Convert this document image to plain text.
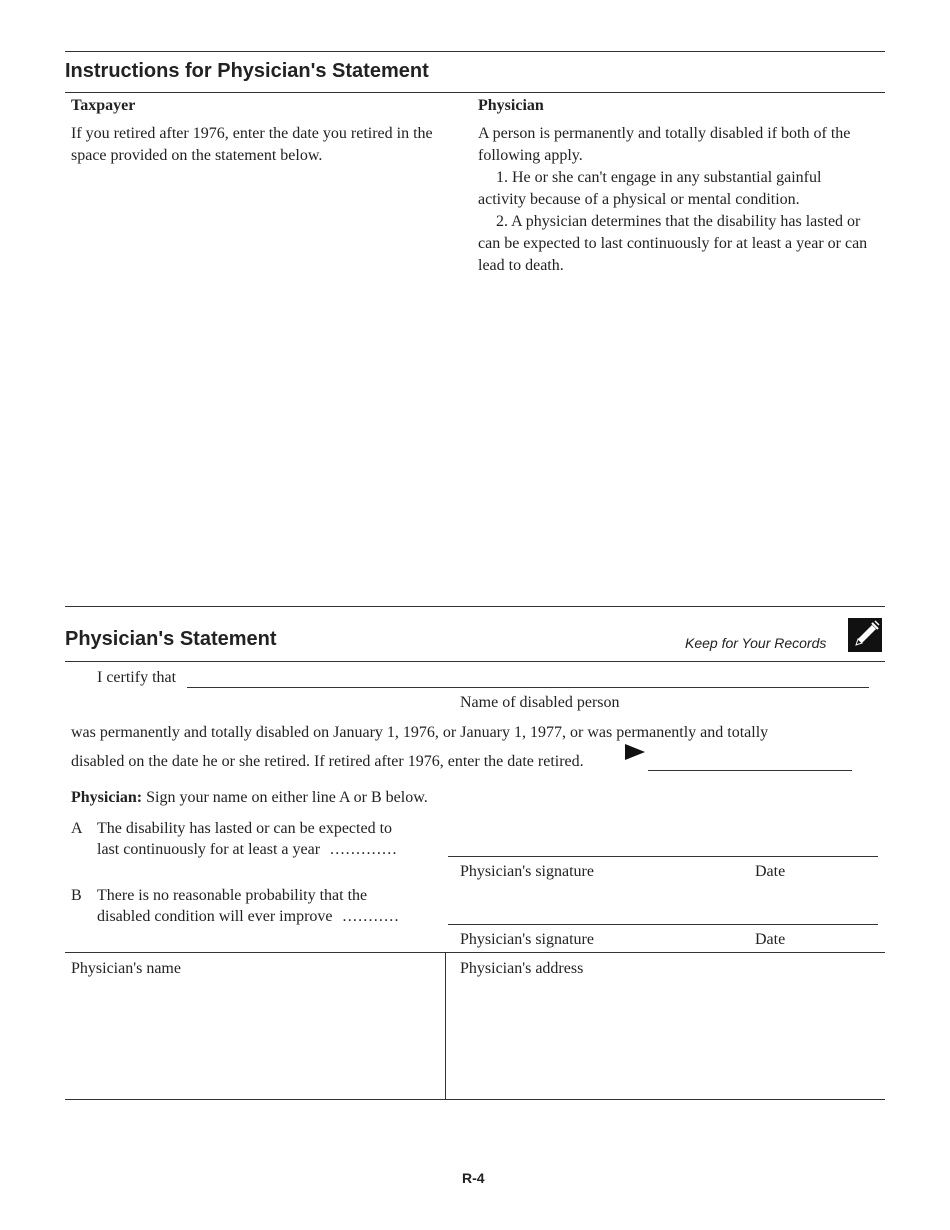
Instructions for Physician's Statement
Taxpayer

If you retired after 1976, enter the date you retired in the space provided on the statement below.

Physician

A person is permanently and totally disabled if both of the following apply.

1. He or she can't engage in any substantial gainful activity because of a physical or mental condition.

2. A physician determines that the disability has lasted or can be expected to last continuously for at least a year or can lead to death.

Physician's Statement	Keep for Your Records
I certify that
Name of disabled person
was permanently and totally disabled on January 1, 1976, or January 1, 1977, or was permanently and totally
disabled on the date he or she retired. If retired after 1976, enter the date retired.
Physician: Sign your name on either line A or B below.
A The disability has lasted or can be expected to
last continuously for at least a year .............
Physician's signature	Date
B There is no reasonable probability that the
disabled condition will ever improve ...........
Physician's signature	Date
Physician's name	Physician's address
R-4
